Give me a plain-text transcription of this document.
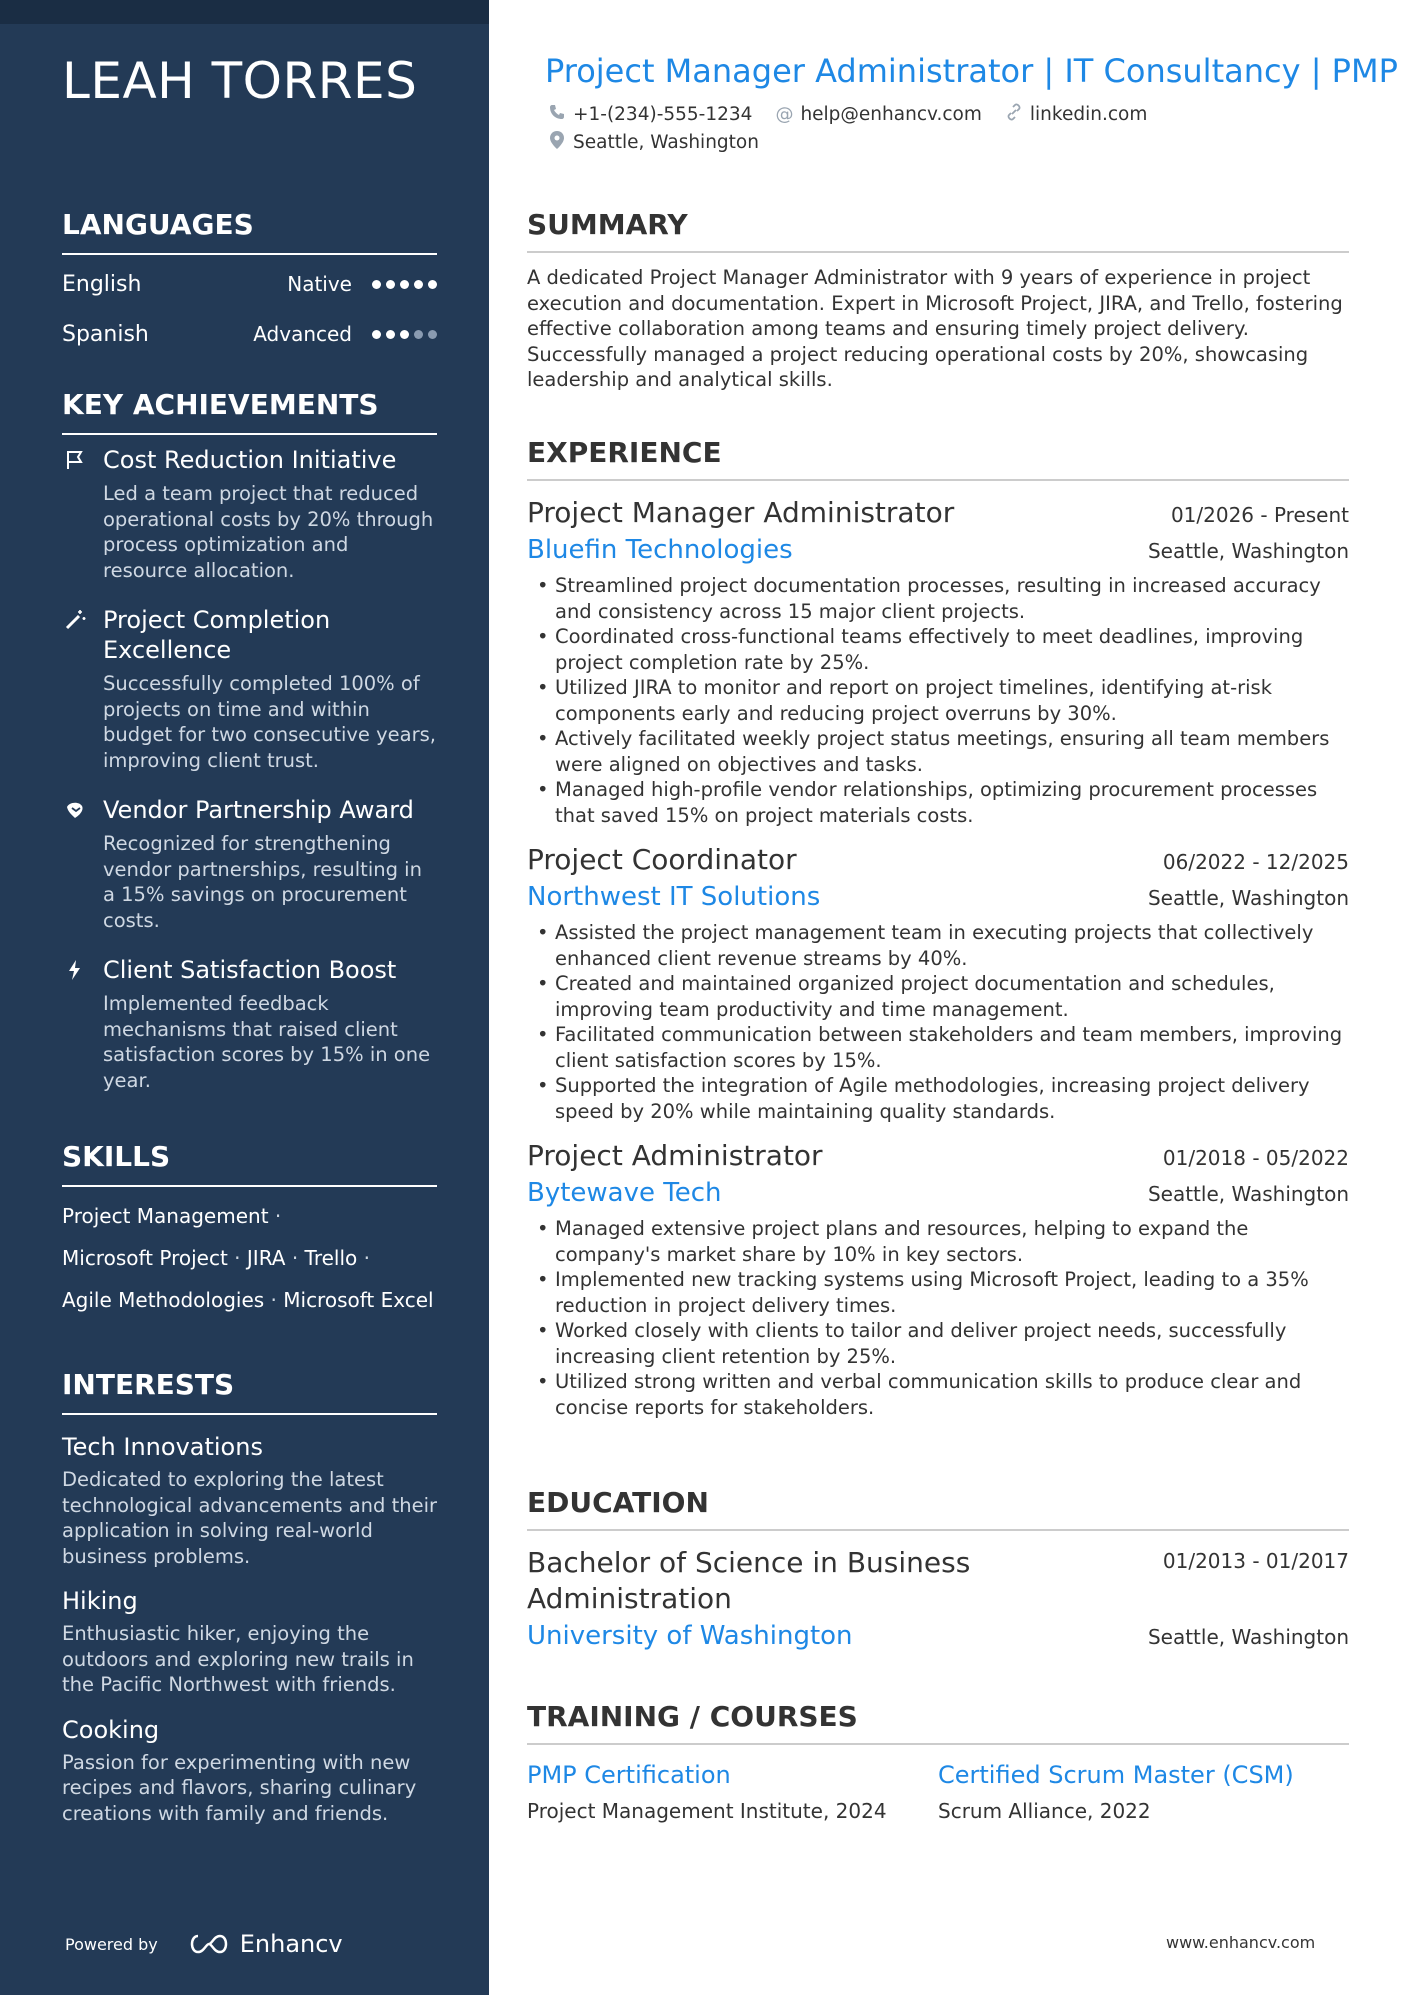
LEAH TORRES
LANGUAGES
English	Native
Spanish	Advanced
KEY ACHIEVEMENTS
Cost Reduction Initiative
Led a team project that reduced operational costs by 20% through process optimization and resource allocation.
Project Completion Excellence
Successfully completed 100% of projects on time and within budget for two consecutive years, improving client trust.
Vendor Partnership Award
Recognized for strengthening vendor partnerships, resulting in a 15% savings on procurement costs.
Client Satisfaction Boost
Implemented feedback mechanisms that raised client satisfaction scores by 15% in one year.
SKILLS
Project Management ·
Microsoft Project · JIRA · Trello ·
Agile Methodologies · Microsoft Excel
INTERESTS
Tech Innovations
Dedicated to exploring the latest technological advancements and their application in solving real-world business problems.
Hiking
Enthusiastic hiker, enjoying the outdoors and exploring new trails in the Pacific Northwest with friends.
Cooking
Passion for experimenting with new recipes and flavors, sharing culinary creations with family and friends.
Powered by	Enhancv
Project Manager Administrator | IT Consultancy | PMP
+1-(234)-555-1234 @ help@enhancv.com	linkedin.com
Seattle, Washington
SUMMARY

A dedicated Project Manager Administrator with 9 years of experience in project execution and documentation. Expert in Microsoft Project, JIRA, and Trello, fostering effective collaboration among teams and ensuring timely project delivery. Successfully managed a project reducing operational costs by 20%, showcasing leadership and analytical skills.

EXPERIENCE
Project Manager Administrator	01/2026 - Present
Bluefin Technologies	Seattle, Washington
• Streamlined project documentation processes, resulting in increased accuracy and consistency across 15 major client projects.
• Coordinated cross-functional teams effectively to meet deadlines, improving project completion rate by 25%.
• Utilized JIRA to monitor and report on project timelines, identifying at-risk components early and reducing project overruns by 30%.
• Actively facilitated weekly project status meetings, ensuring all team members were aligned on objectives and tasks.
• Managed high-profile vendor relationships, optimizing procurement processes that saved 15% on project materials costs.
Project Coordinator	06/2022 - 12/2025
Northwest IT Solutions	Seattle, Washington
• Assisted the project management team in executing projects that collectively enhanced client revenue streams by 40%.
• Created and maintained organized project documentation and schedules, improving team productivity and time management.
• Facilitated communication between stakeholders and team members, improving client satisfaction scores by 15%.
• Supported the integration of Agile methodologies, increasing project delivery speed by 20% while maintaining quality standards.
Project Administrator	01/2018 - 05/2022
Bytewave Tech	Seattle, Washington
• Managed extensive project plans and resources, helping to expand the company's market share by 10% in key sectors.
• Implemented new tracking systems using Microsoft Project, leading to a 35% reduction in project delivery times.
• Worked closely with clients to tailor and deliver project needs, successfully increasing client retention by 25%.
• Utilized strong written and verbal communication skills to produce clear and concise reports for stakeholders.
EDUCATION
Bachelor of Science in Business Administration
01/2013 - 01/2017
University of Washington	Seattle, Washington
TRAINING / COURSES
PMP Certification
Project Management Institute, 2024
Certified Scrum Master (CSM)
Scrum Alliance, 2022
www.enhancv.com
